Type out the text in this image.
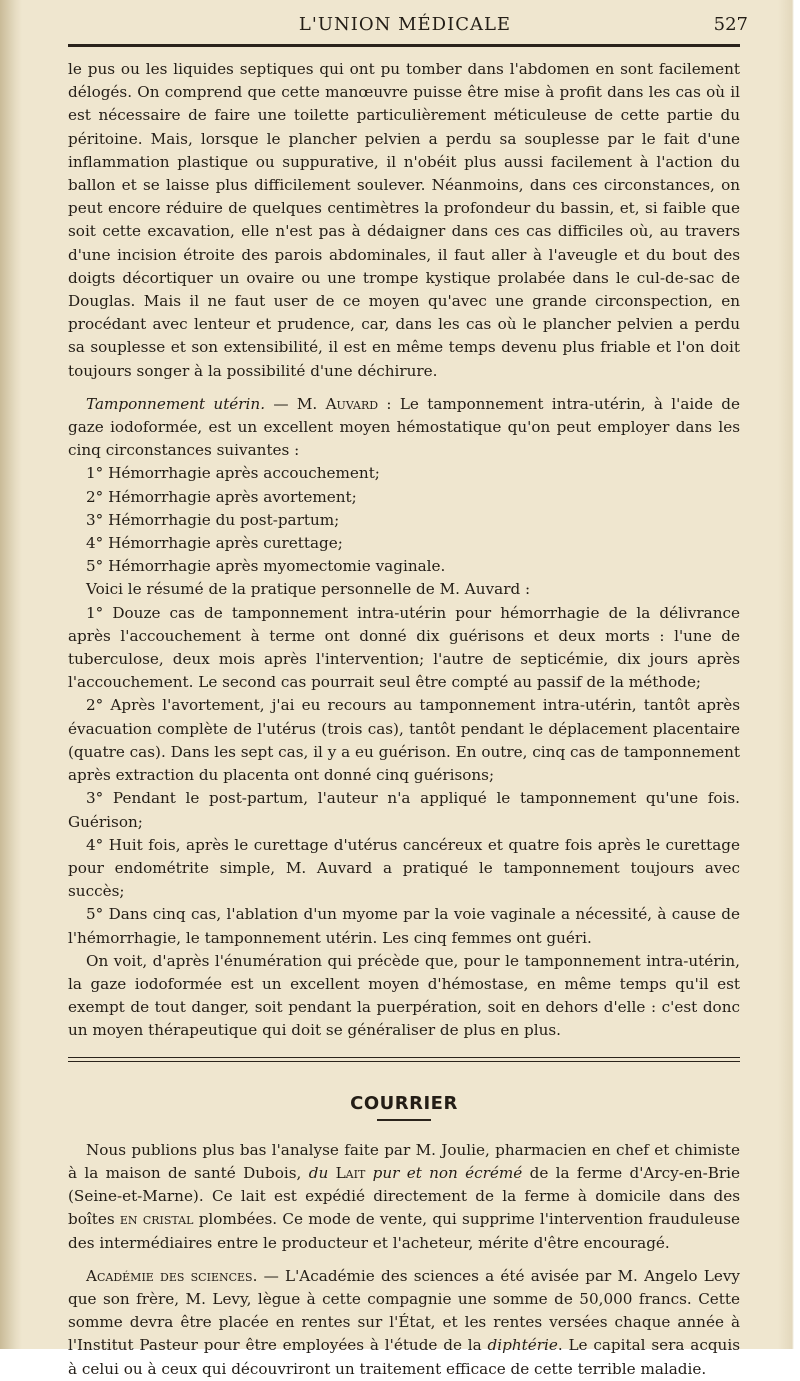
L'UNION MÉDICALE	527

le pus ou les liquides septiques qui ont pu tomber dans l'abdomen en sont facilement délogés. On comprend que cette manœuvre puisse être mise à profit dans les cas où il est nécessaire de faire une toilette particulièrement méticuleuse de cette partie du péritoine. Mais, lorsque le plancher pelvien a perdu sa souplesse par le fait d'une inflammation plastique ou suppurative, il n'obéit plus aussi facilement à l'action du ballon et se laisse plus difficilement soulever. Néanmoins, dans ces circonstances, on peut encore réduire de quelques centimètres la profondeur du bassin, et, si faible que soit cette excavation, elle n'est pas à dédaigner dans ces cas difficiles où, au travers d'une incision étroite des parois abdominales, il faut aller à l'aveugle et du bout des doigts décortiquer un ovaire ou une trompe kystique prolabée dans le cul-de-sac de Douglas. Mais il ne faut user de ce moyen qu'avec une grande circonspection, en procédant avec lenteur et prudence, car, dans les cas où le plancher pelvien a perdu sa souplesse et son extensibilité, il est en même temps devenu plus friable et l'on doit toujours songer à la possibilité d'une déchirure.

Tamponnement utérin. — M. Auvard : Le tamponnement intra-utérin, à l'aide de gaze iodoformée, est un excellent moyen hémostatique qu'on peut employer dans les cinq circonstances suivantes :

1° Hémorrhagie après accouchement;

2° Hémorrhagie après avortement;

3° Hémorrhagie du post-partum;

4° Hémorrhagie après curettage;

5° Hémorrhagie après myomectomie vaginale.

Voici le résumé de la pratique personnelle de M. Auvard :

1° Douze cas de tamponnement intra-utérin pour hémorrhagie de la délivrance après l'accouchement à terme ont donné dix guérisons et deux morts : l'une de tuberculose, deux mois après l'intervention; l'autre de septicémie, dix jours après l'accouchement. Le second cas pourrait seul être compté au passif de la méthode;

2° Après l'avortement, j'ai eu recours au tamponnement intra-utérin, tantôt après évacuation complète de l'utérus (trois cas), tantôt pendant le déplacement placentaire (quatre cas). Dans les sept cas, il y a eu guérison. En outre, cinq cas de tamponnement après extraction du placenta ont donné cinq guérisons;

3° Pendant le post-partum, l'auteur n'a appliqué le tamponnement qu'une fois. Guérison;

4° Huit fois, après le curettage d'utérus cancéreux et quatre fois après le curettage pour endométrite simple, M. Auvard a pratiqué le tamponnement toujours avec succès;

5° Dans cinq cas, l'ablation d'un myome par la voie vaginale a nécessité, à cause de l'hémorrhagie, le tamponnement utérin. Les cinq femmes ont guéri.

On voit, d'après l'énumération qui précède que, pour le tamponnement intra-utérin, la gaze iodoformée est un excellent moyen d'hémostase, en même temps qu'il est exempt de tout danger, soit pendant la puerpération, soit en dehors d'elle : c'est donc un moyen thérapeutique qui doit se généraliser de plus en plus.

COURRIER

Nous publions plus bas l'analyse faite par M. Joulie, pharmacien en chef et chimiste à la maison de santé Dubois, du Lait pur et non écrémé de la ferme d'Arcy-en-Brie (Seine-et-Marne). Ce lait est expédié directement de la ferme à domicile dans des boîtes en cristal plombées. Ce mode de vente, qui supprime l'intervention frauduleuse des intermédiaires entre le producteur et l'acheteur, mérite d'être encouragé.

Académie des sciences. — L'Académie des sciences a été avisée par M. Angelo Levy que son frère, M. Levy, lègue à cette compagnie une somme de 50,000 francs. Cette somme devra être placée en rentes sur l'État, et les rentes versées chaque année à l'Institut Pasteur pour être employées à l'étude de la diphtérie. Le capital sera acquis à celui ou à ceux qui découvriront un traitement efficace de cette terrible maladie.
